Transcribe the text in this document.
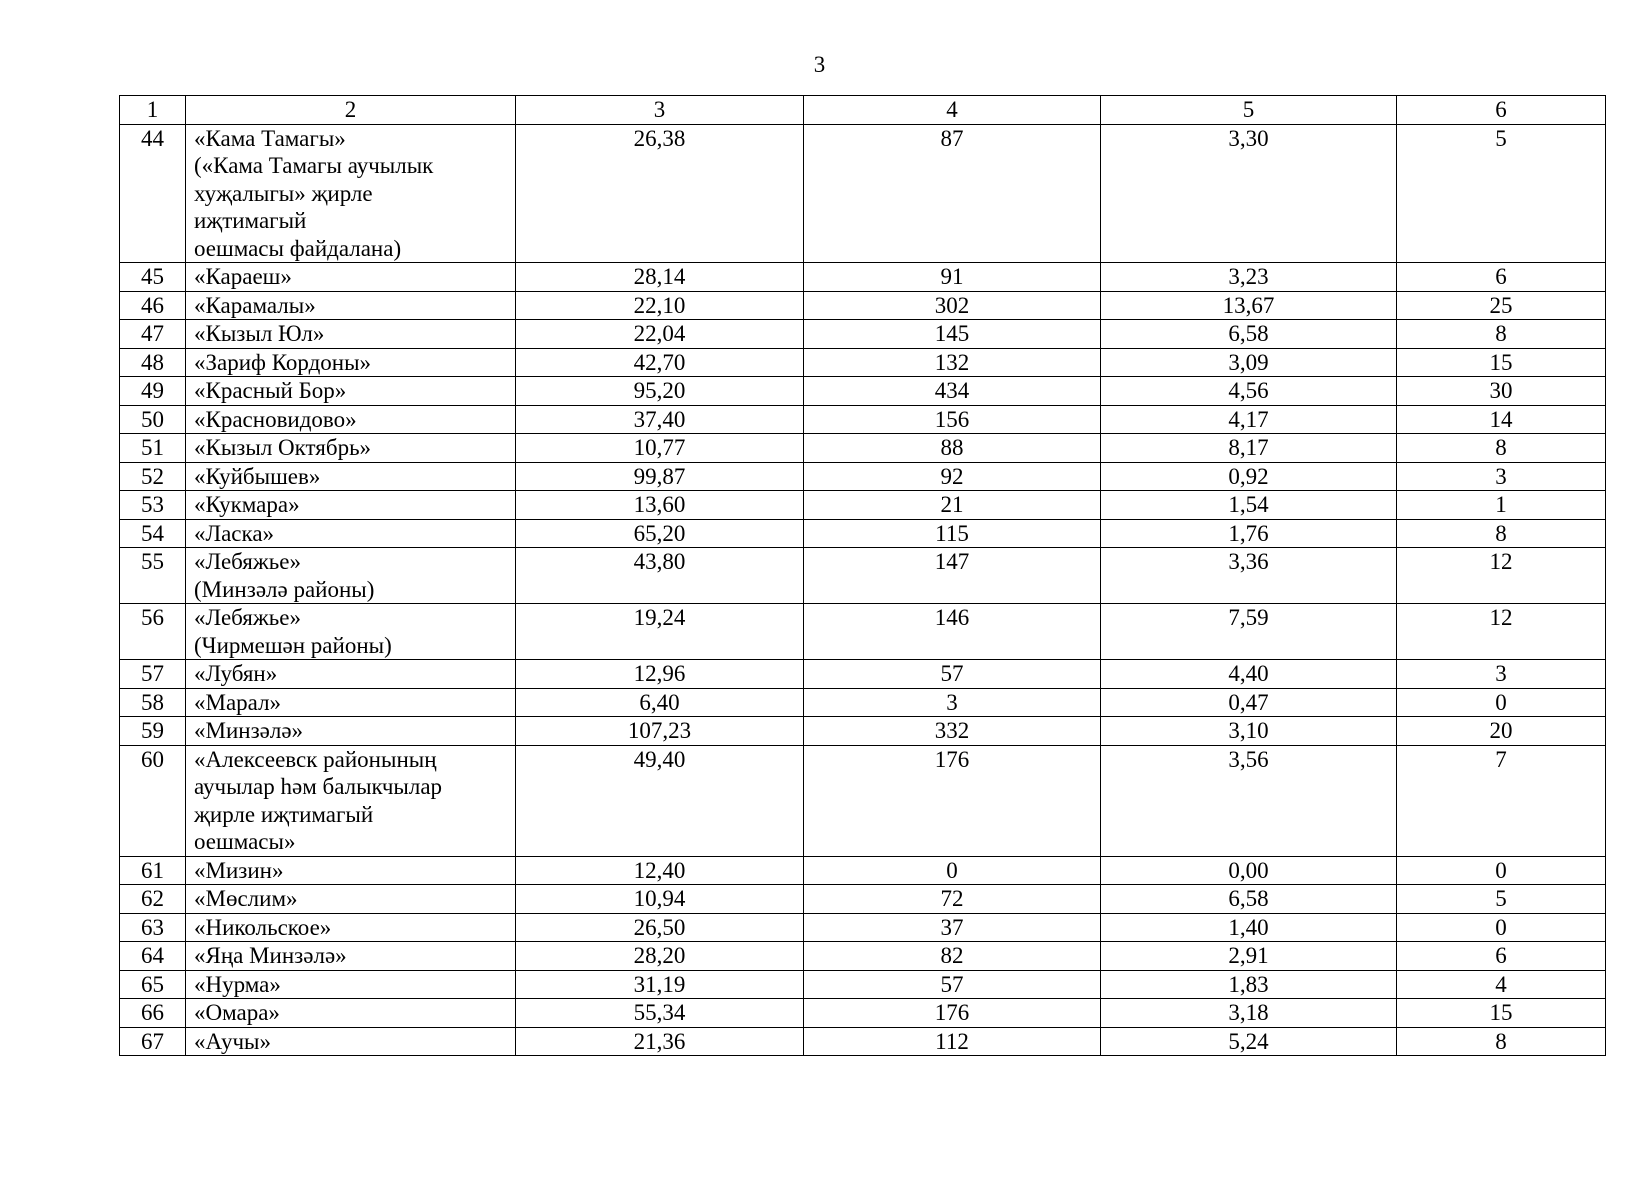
3
1	2	3	4	5	6
44	«Кама Тамагы»
(«Кама Тамагы аучылык
хуҗалыгы» җирле
иҗтимагый
оешмасы файдалана)	26,38	87	3,30	5
45	«Караеш»	28,14	91	3,23	6
46	«Карамалы»	22,10	302	13,67	25
47	«Кызыл Юл»	22,04	145	6,58	8
48	«Зариф Кордоны»	42,70	132	3,09	15
49	«Красный Бор»	95,20	434	4,56	30
50	«Красновидово»	37,40	156	4,17	14
51	«Кызыл Октябрь»	10,77	88	8,17	8
52	«Куйбышев»	99,87	92	0,92	3
53	«Кукмара»	13,60	21	1,54	1
54	«Ласка»	65,20	115	1,76	8
55	«Лебяжье»
(Минзәлә районы)	43,80	147	3,36	12
56	«Лебяжье»
(Чирмешән районы)	19,24	146	7,59	12
57	«Лубян»	12,96	57	4,40	3
58	«Марал»	6,40	3	0,47	0
59	«Минзәлә»	107,23	332	3,10	20
60	«Алексеевск районының
аучылар һәм балыкчылар
җирле иҗтимагый
оешмасы»	49,40	176	3,56	7
61	«Мизин»	12,40	0	0,00	0
62	«Мөслим»	10,94	72	6,58	5
63	«Никольское»	26,50	37	1,40	0
64	«Яңа Минзәлә»	28,20	82	2,91	6
65	«Нурма»	31,19	57	1,83	4
66	«Омара»	55,34	176	3,18	15
67	«Аучы»	21,36	112	5,24	8
